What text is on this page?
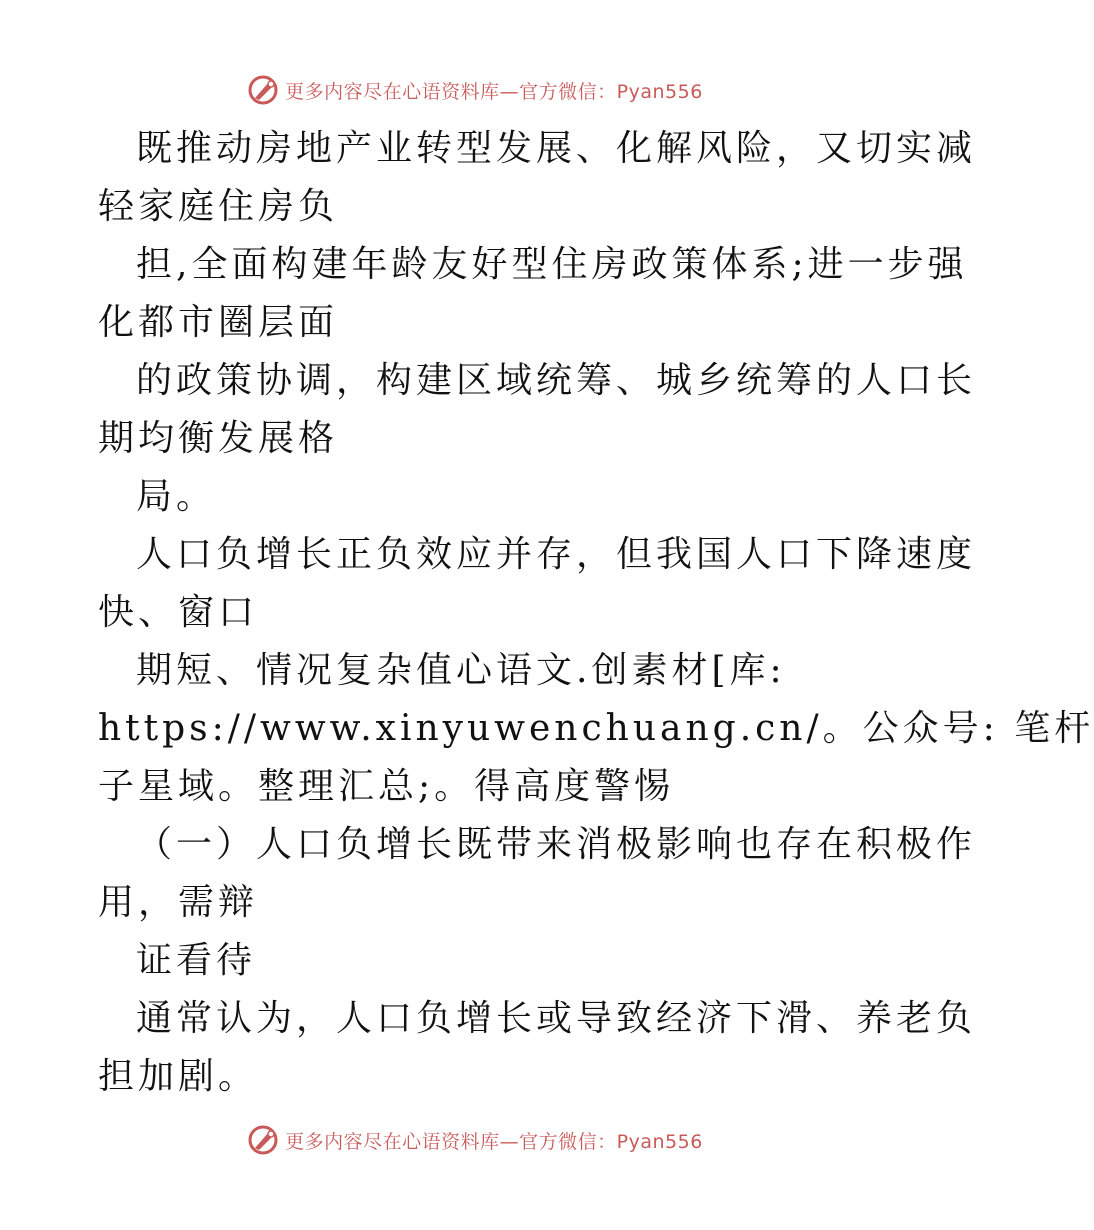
更多内容尽在心语资料库—官方微信：Pyan556

既推动房地产业转型发展、化解风险，又切实减

轻家庭住房负

担,全面构建年龄友好型住房政策体系;进一步强

化都市圈层面

的政策协调，构建区域统筹、城乡统筹的人口长

期均衡发展格

局。

人口负增长正负效应并存，但我国人口下降速度

快、窗口

期短、情况复杂值心语文.创素材[库:

https://www.xinyuwenchuang.cn/。公众号: 笔杆

子星域。整理汇总;。得高度警惕

（一）人口负增长既带来消极影响也存在积极作

用，需辩

证看待

通常认为，人口负增长或导致经济下滑、养老负

担加剧。

更多内容尽在心语资料库—官方微信：Pyan556
